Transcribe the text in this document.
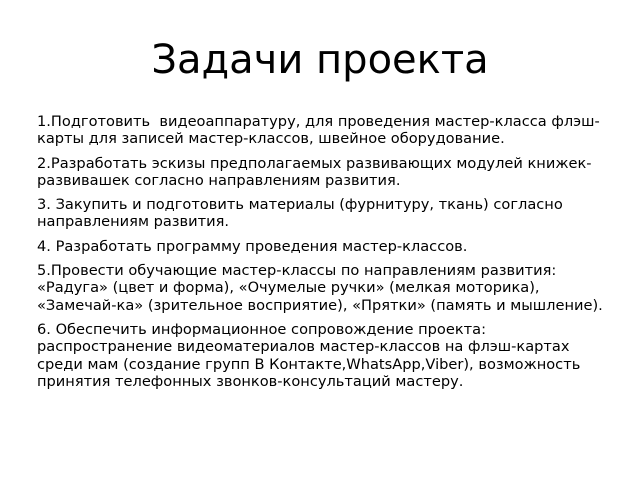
Задачи проекта
1.Подготовить  видеоаппаратуру, для проведения мастер-класса флэш-карты для записей мастер-классов, швейное оборудование.
2.Разработать эскизы предполагаемых развивающих модулей книжек-развивашек согласно направлениям развития.
3. Закупить и подготовить материалы (фурнитуру, ткань) согласно направлениям развития.
4. Разработать программу проведения мастер-классов.
5.Провести обучающие мастер-классы по направлениям развития: «Радуга» (цвет и форма), «Очумелые ручки» (мелкая моторика), «Замечай-ка» (зрительное восприятие), «Прятки» (память и мышление).
6. Обеспечить информационное сопровождение проекта: распространение видеоматериалов мастер-классов на флэш-картах среди мам (создание групп В Контакте,WhatsApp,Viber), возможность принятия телефонных звонков-консультаций мастеру.
